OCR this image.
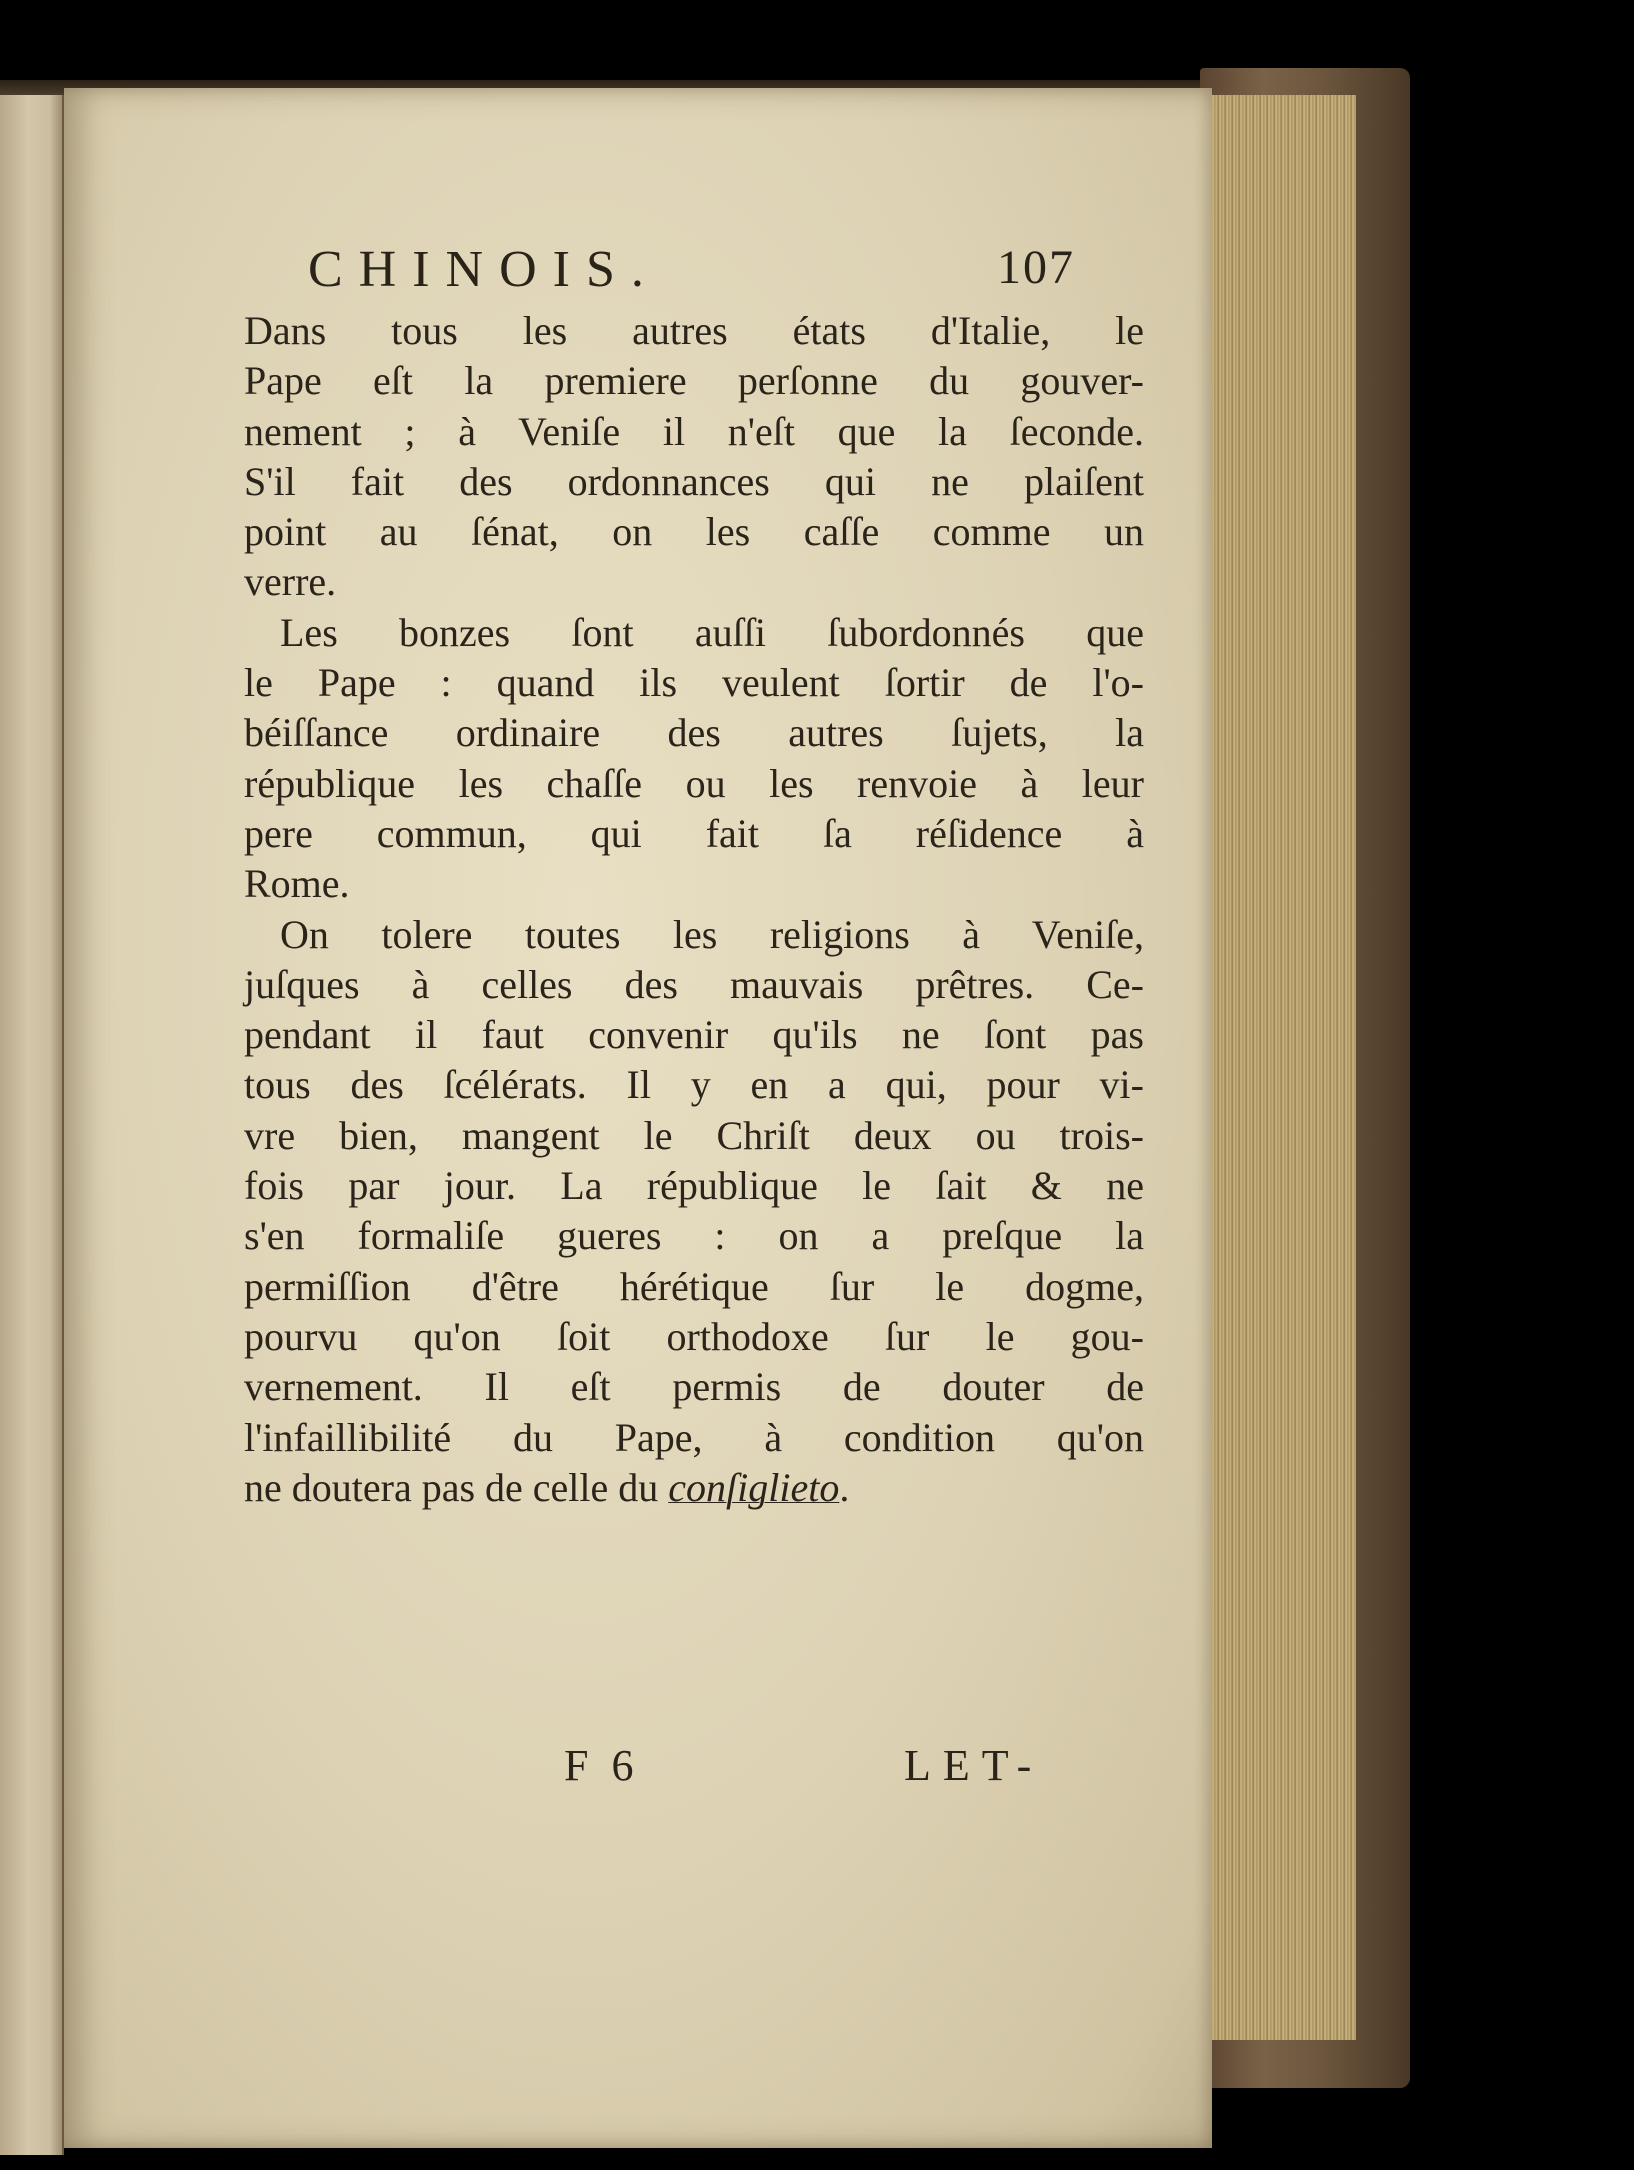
CHINOIS.	107
Dans tous les autres états d'Italie, le
Pape eſt la premiere perſonne du gouver-
nement ; à Veniſe il n'eſt que la ſeconde.
S'il fait des ordonnances qui ne plaiſent
point au ſénat, on les caſſe comme un
verre.
Les bonzes ſont auſſi ſubordonnés que
le Pape : quand ils veulent ſortir de l'o-
béiſſance ordinaire des autres ſujets, la
république les chaſſe ou les renvoie à leur
pere commun, qui fait ſa réſidence à
Rome.
On tolere toutes les religions à Veniſe,
juſques à celles des mauvais prêtres. Ce-
pendant il faut convenir qu'ils ne ſont pas
tous des ſcélérats. Il y en a qui, pour vi-
vre bien, mangent le Chriſt deux ou trois-
fois par jour. La république le ſait & ne
s'en formaliſe gueres : on a preſque la
permiſſion d'être hérétique ſur le dogme,
pourvu qu'on ſoit orthodoxe ſur le gou-
vernement. Il eſt permis de douter de
l'infaillibilité du Pape, à condition qu'on
ne doutera pas de celle du conſiglieto.
F 6	LET-
